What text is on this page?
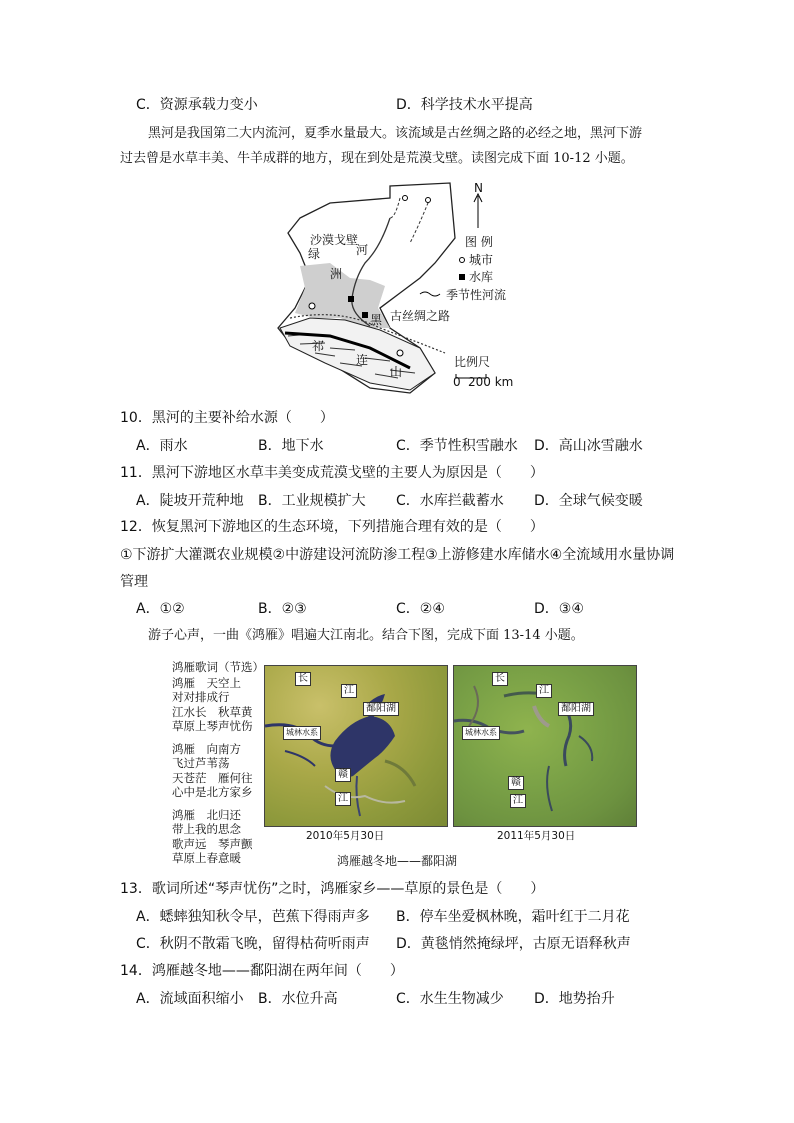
C．资源承载力变小	D．科学技术水平提高
黑河是我国第二大内流河，夏季水量最大。该流域是古丝绸之路的必经之地，黑河下游
过去曾是水草丰美、牛羊成群的地方，现在到处是荒漠戈壁。读图完成下面 10-12 小题。
沙漠戈壁
绿
洲
河
黑 古丝绸之路
祁
连
山
N
图 例
城市
水库
季节性河流
比例尺
0 200 km
10．黑河的主要补给水源（　　）
A．雨水	B．地下水	C．季节性积雪融水 D．高山冰雪融水
11．黑河下游地区水草丰美变成荒漠戈壁的主要人为原因是（　　）
A．陡坡开荒种地 B．工业规模扩大 C．水库拦截蓄水 D．全球气候变暖
12．恢复黑河下游地区的生态环境，下列措施合理有效的是（　　）
①下游扩大灌溉农业规模②中游建设河流防渗工程③上游修建水库储水④全流域用水量协调
管理
A．①②	B．②③	C．②④	D．③④
游子心声，一曲《鸿雁》唱遍大江南北。结合下图，完成下面 13-14 小题。
鸿雁歌词（节选）
鸿雁　天空上
对对排成行
江水长　秋草黄
草原上琴声忧伤
鸿雁　向南方
飞过芦苇荡
天苍茫　雁何往
心中是北方家乡
鸿雁　北归还
带上我的思念
歌声远　琴声颤
草原上春意暖
长
江
鄱阳湖
城林水系
赣
江
长
江
鄱阳湖
城林水系
赣
江
2010年5月30日	2011年5月30日
鸿雁越冬地——鄱阳湖
13．歌词所述“琴声忧伤”之时，鸿雁家乡——草原的景色是（　　）
A．蟋蟀独知秋令早，芭蕉下得雨声多 B．停车坐爱枫林晚，霜叶红于二月花
C．秋阴不散霜飞晚，留得枯荷听雨声 D．黄毯悄然掩绿坪，古原无语释秋声
14．鸿雁越冬地——鄱阳湖在两年间（　　）
A．流域面积缩小 B．水位升高	C．水生生物减少 D．地势抬升
